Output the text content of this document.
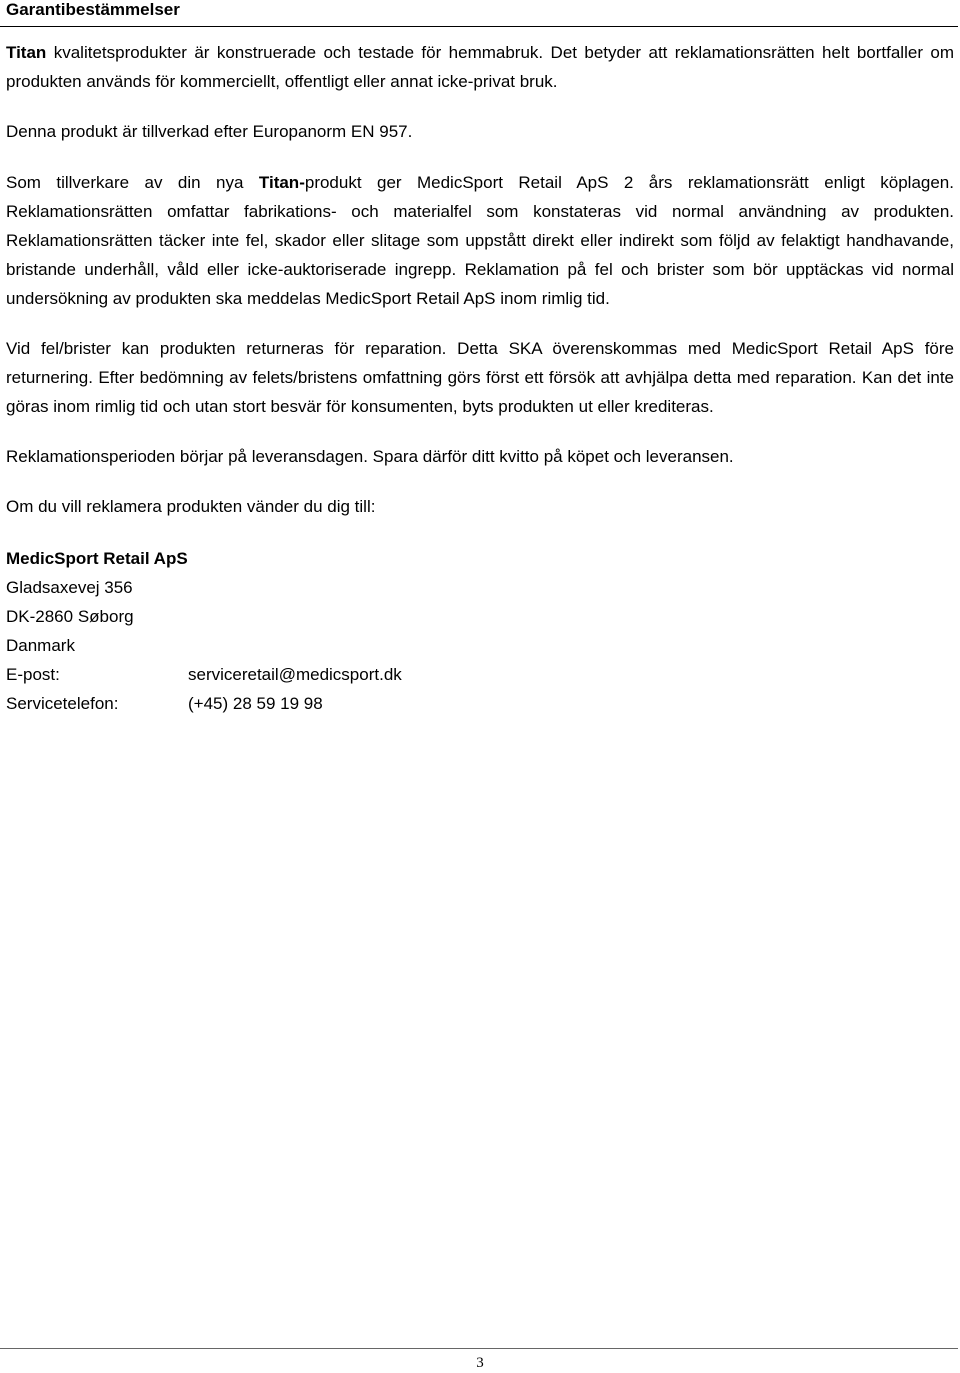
Garantibestämmelser

Titan kvalitetsprodukter är konstruerade och testade för hemmabruk. Det betyder att reklamationsrätten helt bortfaller om produkten används för kommerciellt, offentligt eller annat icke-privat bruk.

Denna produkt är tillverkad efter Europanorm EN 957.

Som tillverkare av din nya Titan-produkt ger MedicSport Retail ApS 2 års reklamationsrätt enligt köplagen. Reklamationsrätten omfattar fabrikations- och materialfel som konstateras vid normal användning av produkten. Reklamationsrätten täcker inte fel, skador eller slitage som uppstått direkt eller indirekt som följd av felaktigt handhavande, bristande underhåll, våld eller icke-auktoriserade ingrepp. Reklamation på fel och brister som bör upptäckas vid normal undersökning av produkten ska meddelas MedicSport Retail ApS inom rimlig tid.

Vid fel/brister kan produkten returneras för reparation. Detta SKA överenskommas med MedicSport Retail ApS före returnering. Efter bedömning av felets/bristens omfattning görs först ett försök att avhjälpa detta med reparation. Kan det inte göras inom rimlig tid och utan stort besvär för konsumenten, byts produkten ut eller krediteras.

Reklamationsperioden börjar på leveransdagen. Spara därför ditt kvitto på köpet och leveransen.

Om du vill reklamera produkten vänder du dig till:

MedicSport Retail ApS
Gladsaxevej 356
DK-2860 Søborg
Danmark
E-post:	serviceretail@medicsport.dk
Servicetelefon:	(+45) 28 59 19 98
3
